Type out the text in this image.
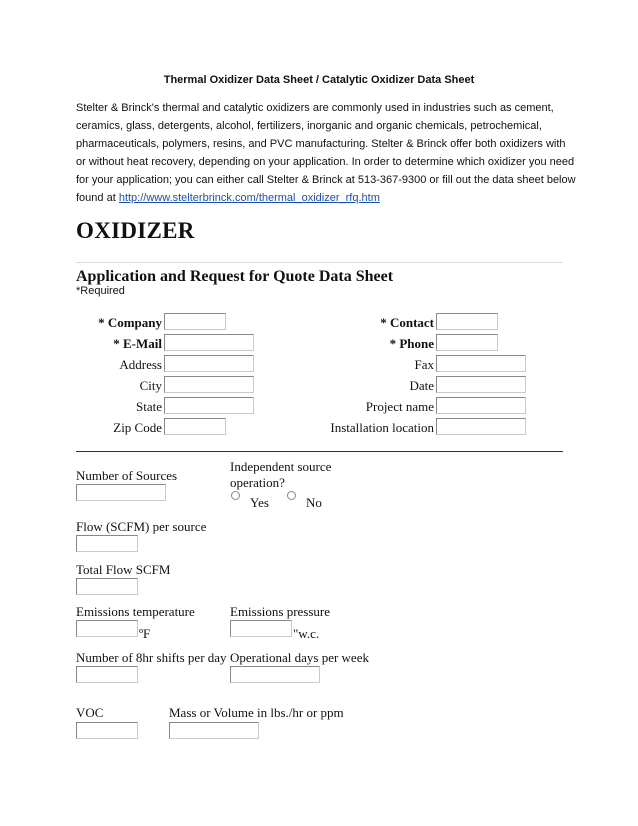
Thermal Oxidizer Data Sheet / Catalytic Oxidizer Data Sheet
Stelter & Brinck's thermal and catalytic oxidizers are commonly used in industries such as cement, ceramics, glass, detergents, alcohol, fertilizers, inorganic and organic chemicals, petrochemical, pharmaceuticals, polymers, resins, and PVC manufacturing. Stelter & Brinck offer both oxidizers with or without heat recovery, depending on your application. In order to determine which oxidizer you need for your application; you can either call Stelter & Brinck at 513-367-9300 or fill out the data sheet below found at http://www.stelterbrinck.com/thermal_oxidizer_rfq.htm
OXIDIZER
Application and Request for Quote Data Sheet
*Required
* Company
* E-Mail
Address
City
State
Zip Code
* Contact
* Phone
Fax
Date
Project name
Installation location
Number of Sources
Independent source operation?
Yes	No
Flow (SCFM) per source
Total Flow SCFM
Emissions temperature
ºF
Emissions pressure
"w.c.
Number of 8hr shifts per day Operational days per week
VOC	Mass or Volume in lbs./hr or ppm
